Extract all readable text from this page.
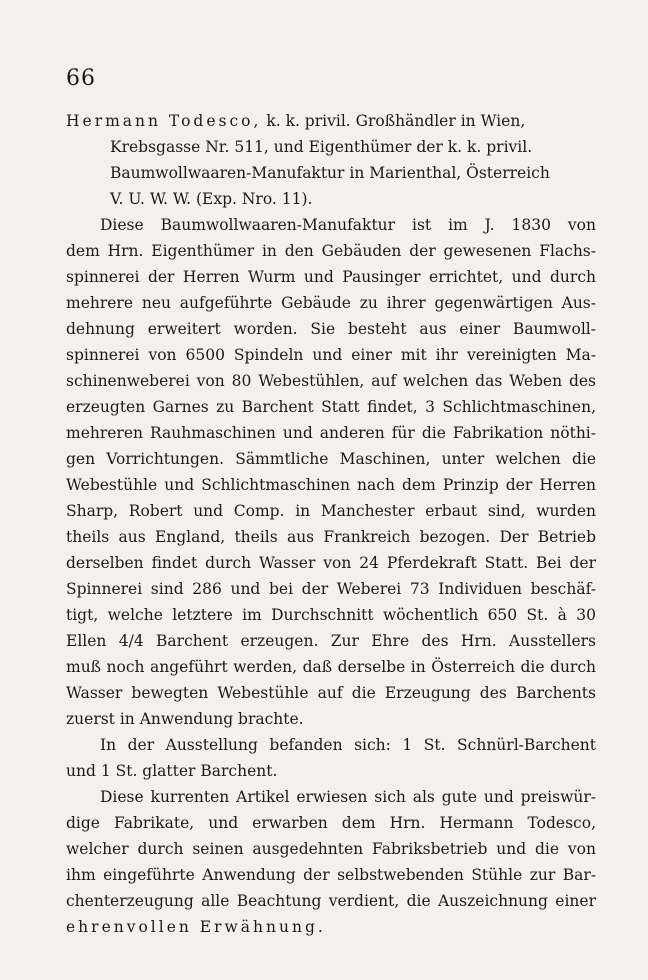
66
Hermann Todesco, k. k. privil. Großhändler in Wien,
Krebsgasse Nr. 511, und Eigenthümer der k. k. privil.
Baumwollwaaren-Manufaktur in Marienthal, Österreich
V. U. W. W. (Exp. Nro. 11).
Diese Baumwollwaaren-Manufaktur ist im J. 1830 von
dem Hrn. Eigenthümer in den Gebäuden der gewesenen Flachs-
spinnerei der Herren Wurm und Pausinger errichtet, und durch
mehrere neu aufgeführte Gebäude zu ihrer gegenwärtigen Aus-
dehnung erweitert worden. Sie besteht aus einer Baumwoll-
spinnerei von 6500 Spindeln und einer mit ihr vereinigten Ma-
schinenweberei von 80 Webestühlen, auf welchen das Weben des
erzeugten Garnes zu Barchent Statt findet, 3 Schlichtmaschinen,
mehreren Rauhmaschinen und anderen für die Fabrikation nöthi-
gen Vorrichtungen. Sämmtliche Maschinen, unter welchen die
Webestühle und Schlichtmaschinen nach dem Prinzip der Herren
Sharp, Robert und Comp. in Manchester erbaut sind, wurden
theils aus England, theils aus Frankreich bezogen. Der Betrieb
derselben findet durch Wasser von 24 Pferdekraft Statt. Bei der
Spinnerei sind 286 und bei der Weberei 73 Individuen beschäf-
tigt, welche letztere im Durchschnitt wöchentlich 650 St. à 30
Ellen 4/4 Barchent erzeugen. Zur Ehre des Hrn. Ausstellers
muß noch angeführt werden, daß derselbe in Österreich die durch
Wasser bewegten Webestühle auf die Erzeugung des Barchents
zuerst in Anwendung brachte.
In der Ausstellung befanden sich: 1 St. Schnürl-Barchent
und 1 St. glatter Barchent.
Diese kurrenten Artikel erwiesen sich als gute und preiswür-
dige Fabrikate, und erwarben dem Hrn. Hermann Todesco,
welcher durch seinen ausgedehnten Fabriksbetrieb und die von
ihm eingeführte Anwendung der selbstwebenden Stühle zur Bar-
chenterzeugung alle Beachtung verdient, die Auszeichnung einer
ehrenvollen Erwähnung.
